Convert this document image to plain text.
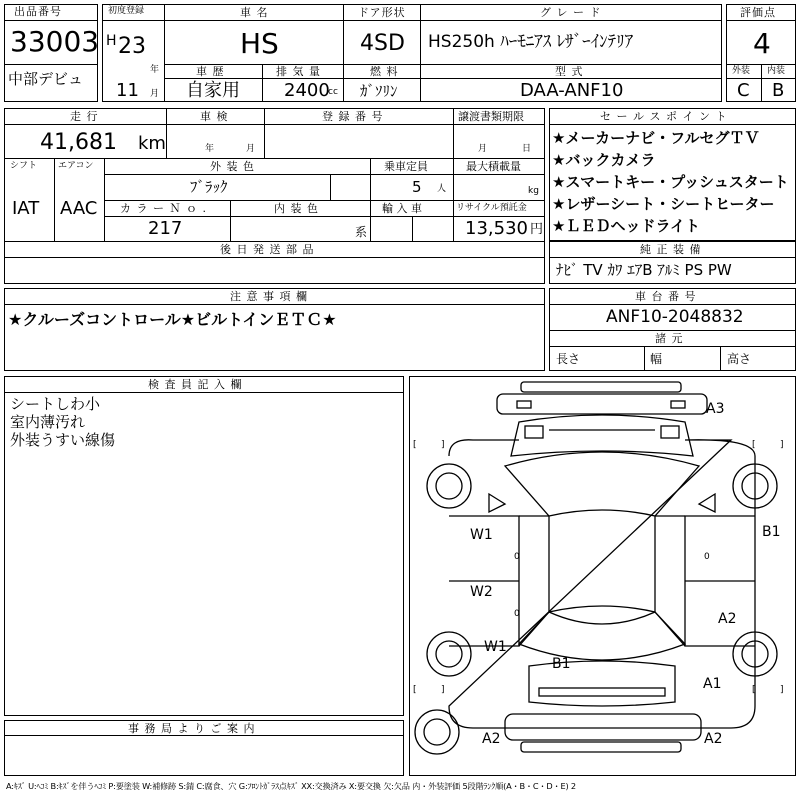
出品番号
33003
中部デビュ
初度登録
H 23
年
11 月
車 名
HS
ドア形状
4SD
グ レ ー ド
HS250h ﾊｰﾓﾆｱｽ ﾚｻﾞｰｲﾝﾃﾘｱ
車 歴
自家用
排 気 量
2400
cc
燃 料
ｶﾞｿﾘﾝ
型 式
DAA-ANF10
評価点
4
外装 内装
C B
走 行
41,681 km
車 検
年	月
登 録 番 号	譲渡書類期限
月	日
シフト
IAT
エアコン
AAC
外 装 色
ﾌﾞﾗｯｸ
乗車定員
5 人
最大積載量
kg
カ ラ ー Ｎ ｏ .
217
内 装 色
系
輸 入 車	リサイクル預託金
13,530 円
後 日 発 送 部 品
セ ー ル ス ポ イ ン ト
★メーカーナビ・フルセグＴＶ
★バックカメラ
★スマートキー・プッシュスタート
★レザーシート・シートヒーター
★ＬＥＤヘッドライト
純 正 装 備
ﾅﾋﾞ TV ｶﾜ ｴｱB ｱﾙﾐ PS PW
注 意 事 項 欄
★クルーズコントロール★ビルトインＥＴＣ★
車 台 番 号
ANF10-2048832
諸 元
長さ	幅	高さ
検 査 員 記 入 欄
シートしわ小
室内薄汚れ
外装うすい線傷
事 務 局 よ り ご 案 内
A3
W1	B1
W2
A2
W1
B1
A1
A2	A2
0
0
0
[	]	[	]
[	]	[	]
A:ｷｽﾞ U:ﾍｺﾐ B:ｷｽﾞを伴うﾍｺﾐ P:要塗装 W:補修跡 S:錆 C:腐食、穴 G:ﾌﾛﾝﾄｶﾞﾗｽ点ｷｽﾞ XX:交換済み X:要交換 欠:欠品 内・外装評価 5段階ﾗﾝｸ順(A・B・C・D・E) 2
